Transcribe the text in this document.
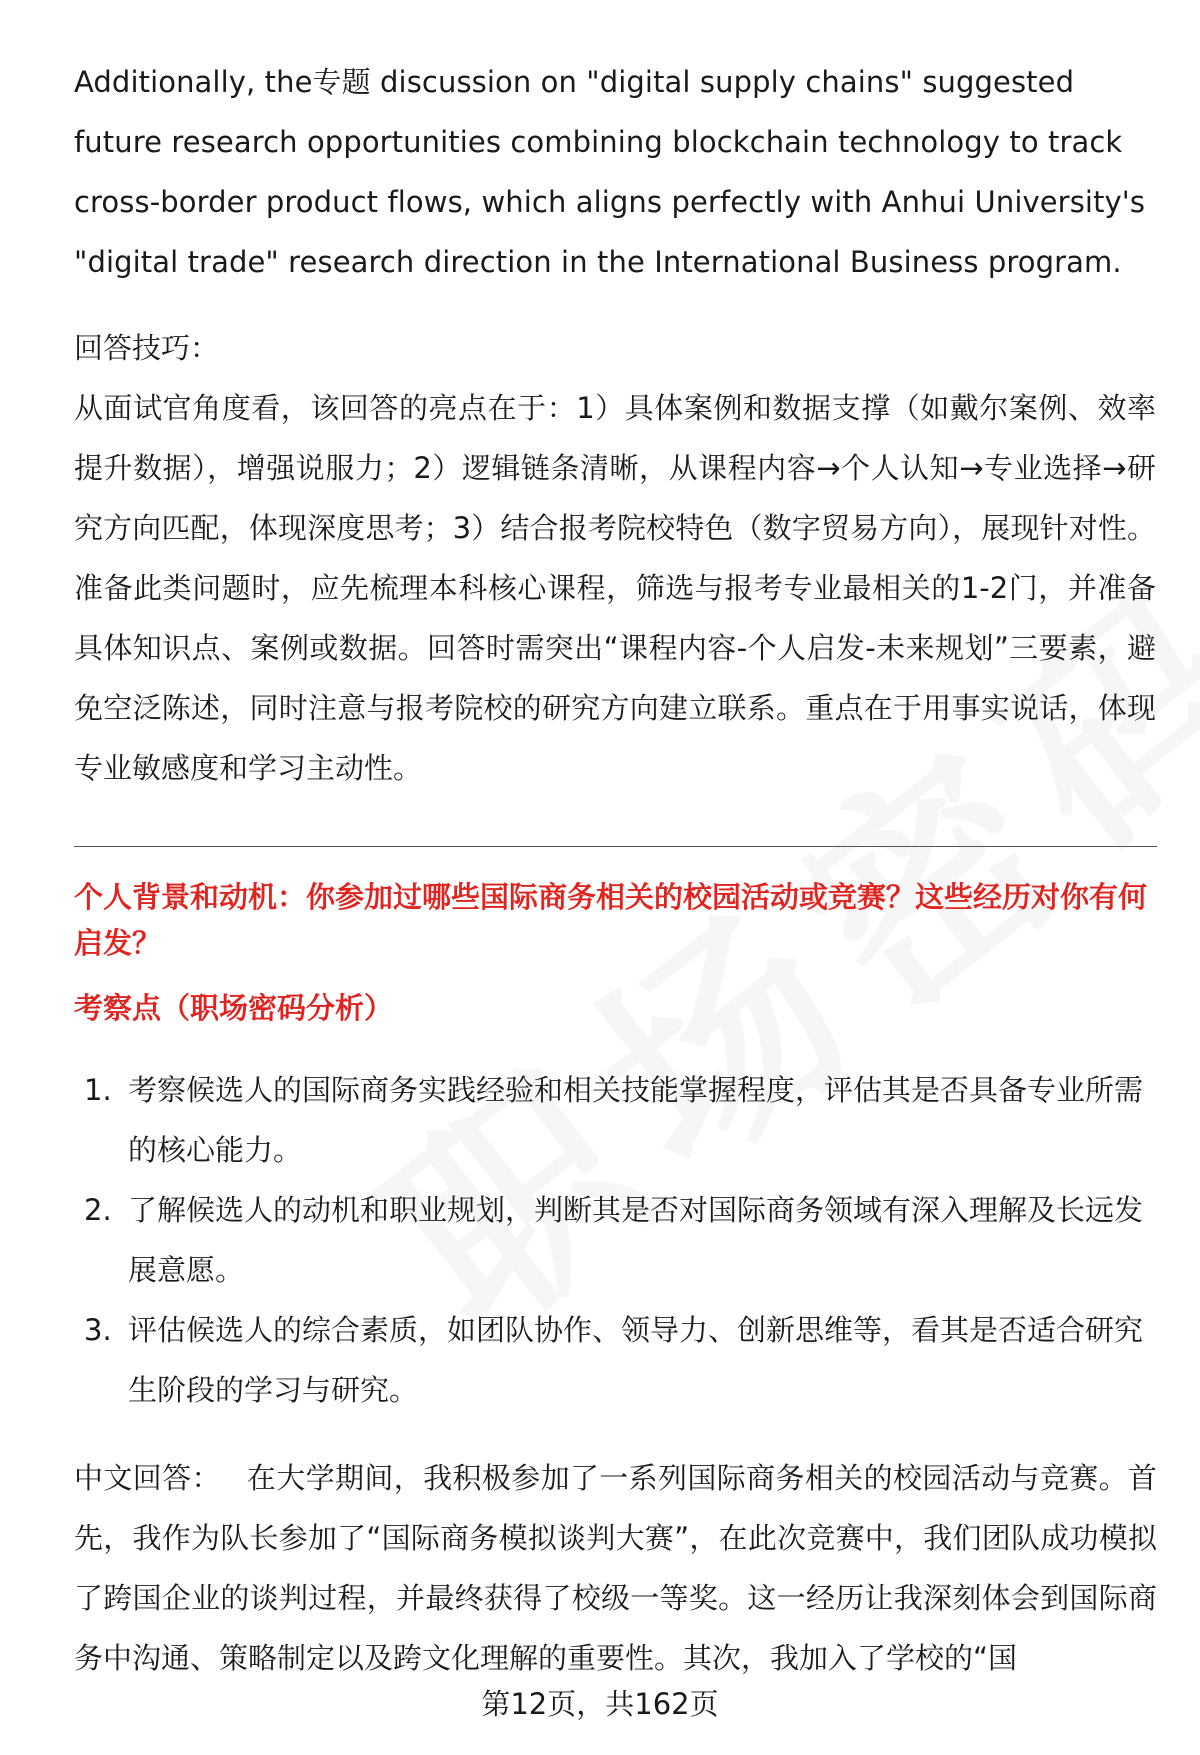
Additionally, the专题 discussion on "digital supply chains" suggested future research opportunities combining blockchain technology to track cross-border product flows, which aligns perfectly with Anhui University's "digital trade" research direction in the International Business program.

回答技巧：

从面试官角度看，该回答的亮点在于：1）具体案例和数据支撑（如戴尔案例、效率提升数据），增强说服力；2）逻辑链条清晰，从课程内容→个人认知→专业选择→研究方向匹配，体现深度思考；3）结合报考院校特色（数字贸易方向），展现针对性。准备此类问题时，应先梳理本科核心课程，筛选与报考专业最相关的1-2门，并准备具体知识点、案例或数据。回答时需突出“课程内容-个人启发-未来规划”三要素，避免空泛陈述，同时注意与报考院校的研究方向建立联系。重点在于用事实说话，体现专业敏感度和学习主动性。

个人背景和动机：你参加过哪些国际商务相关的校园活动或竞赛？这些经历对你有何启发？

考察点（职场密码分析）

1. 考察候选人的国际商务实践经验和相关技能掌握程度，评估其是否具备专业所需的核心能力。
2. 了解候选人的动机和职业规划，判断其是否对国际商务领域有深入理解及长远发展意愿。
3. 评估候选人的综合素质，如团队协作、领导力、创新思维等，看其是否适合研究生阶段的学习与研究。

中文回答： 在大学期间，我积极参加了一系列国际商务相关的校园活动与竞赛。首先，我作为队长参加了“国际商务模拟谈判大赛”，在此次竞赛中，我们团队成功模拟了跨国企业的谈判过程，并最终获得了校级一等奖。这一经历让我深刻体会到国际商务中沟通、策略制定以及跨文化理解的重要性。其次，我加入了学校的“国

第12页，共162页
